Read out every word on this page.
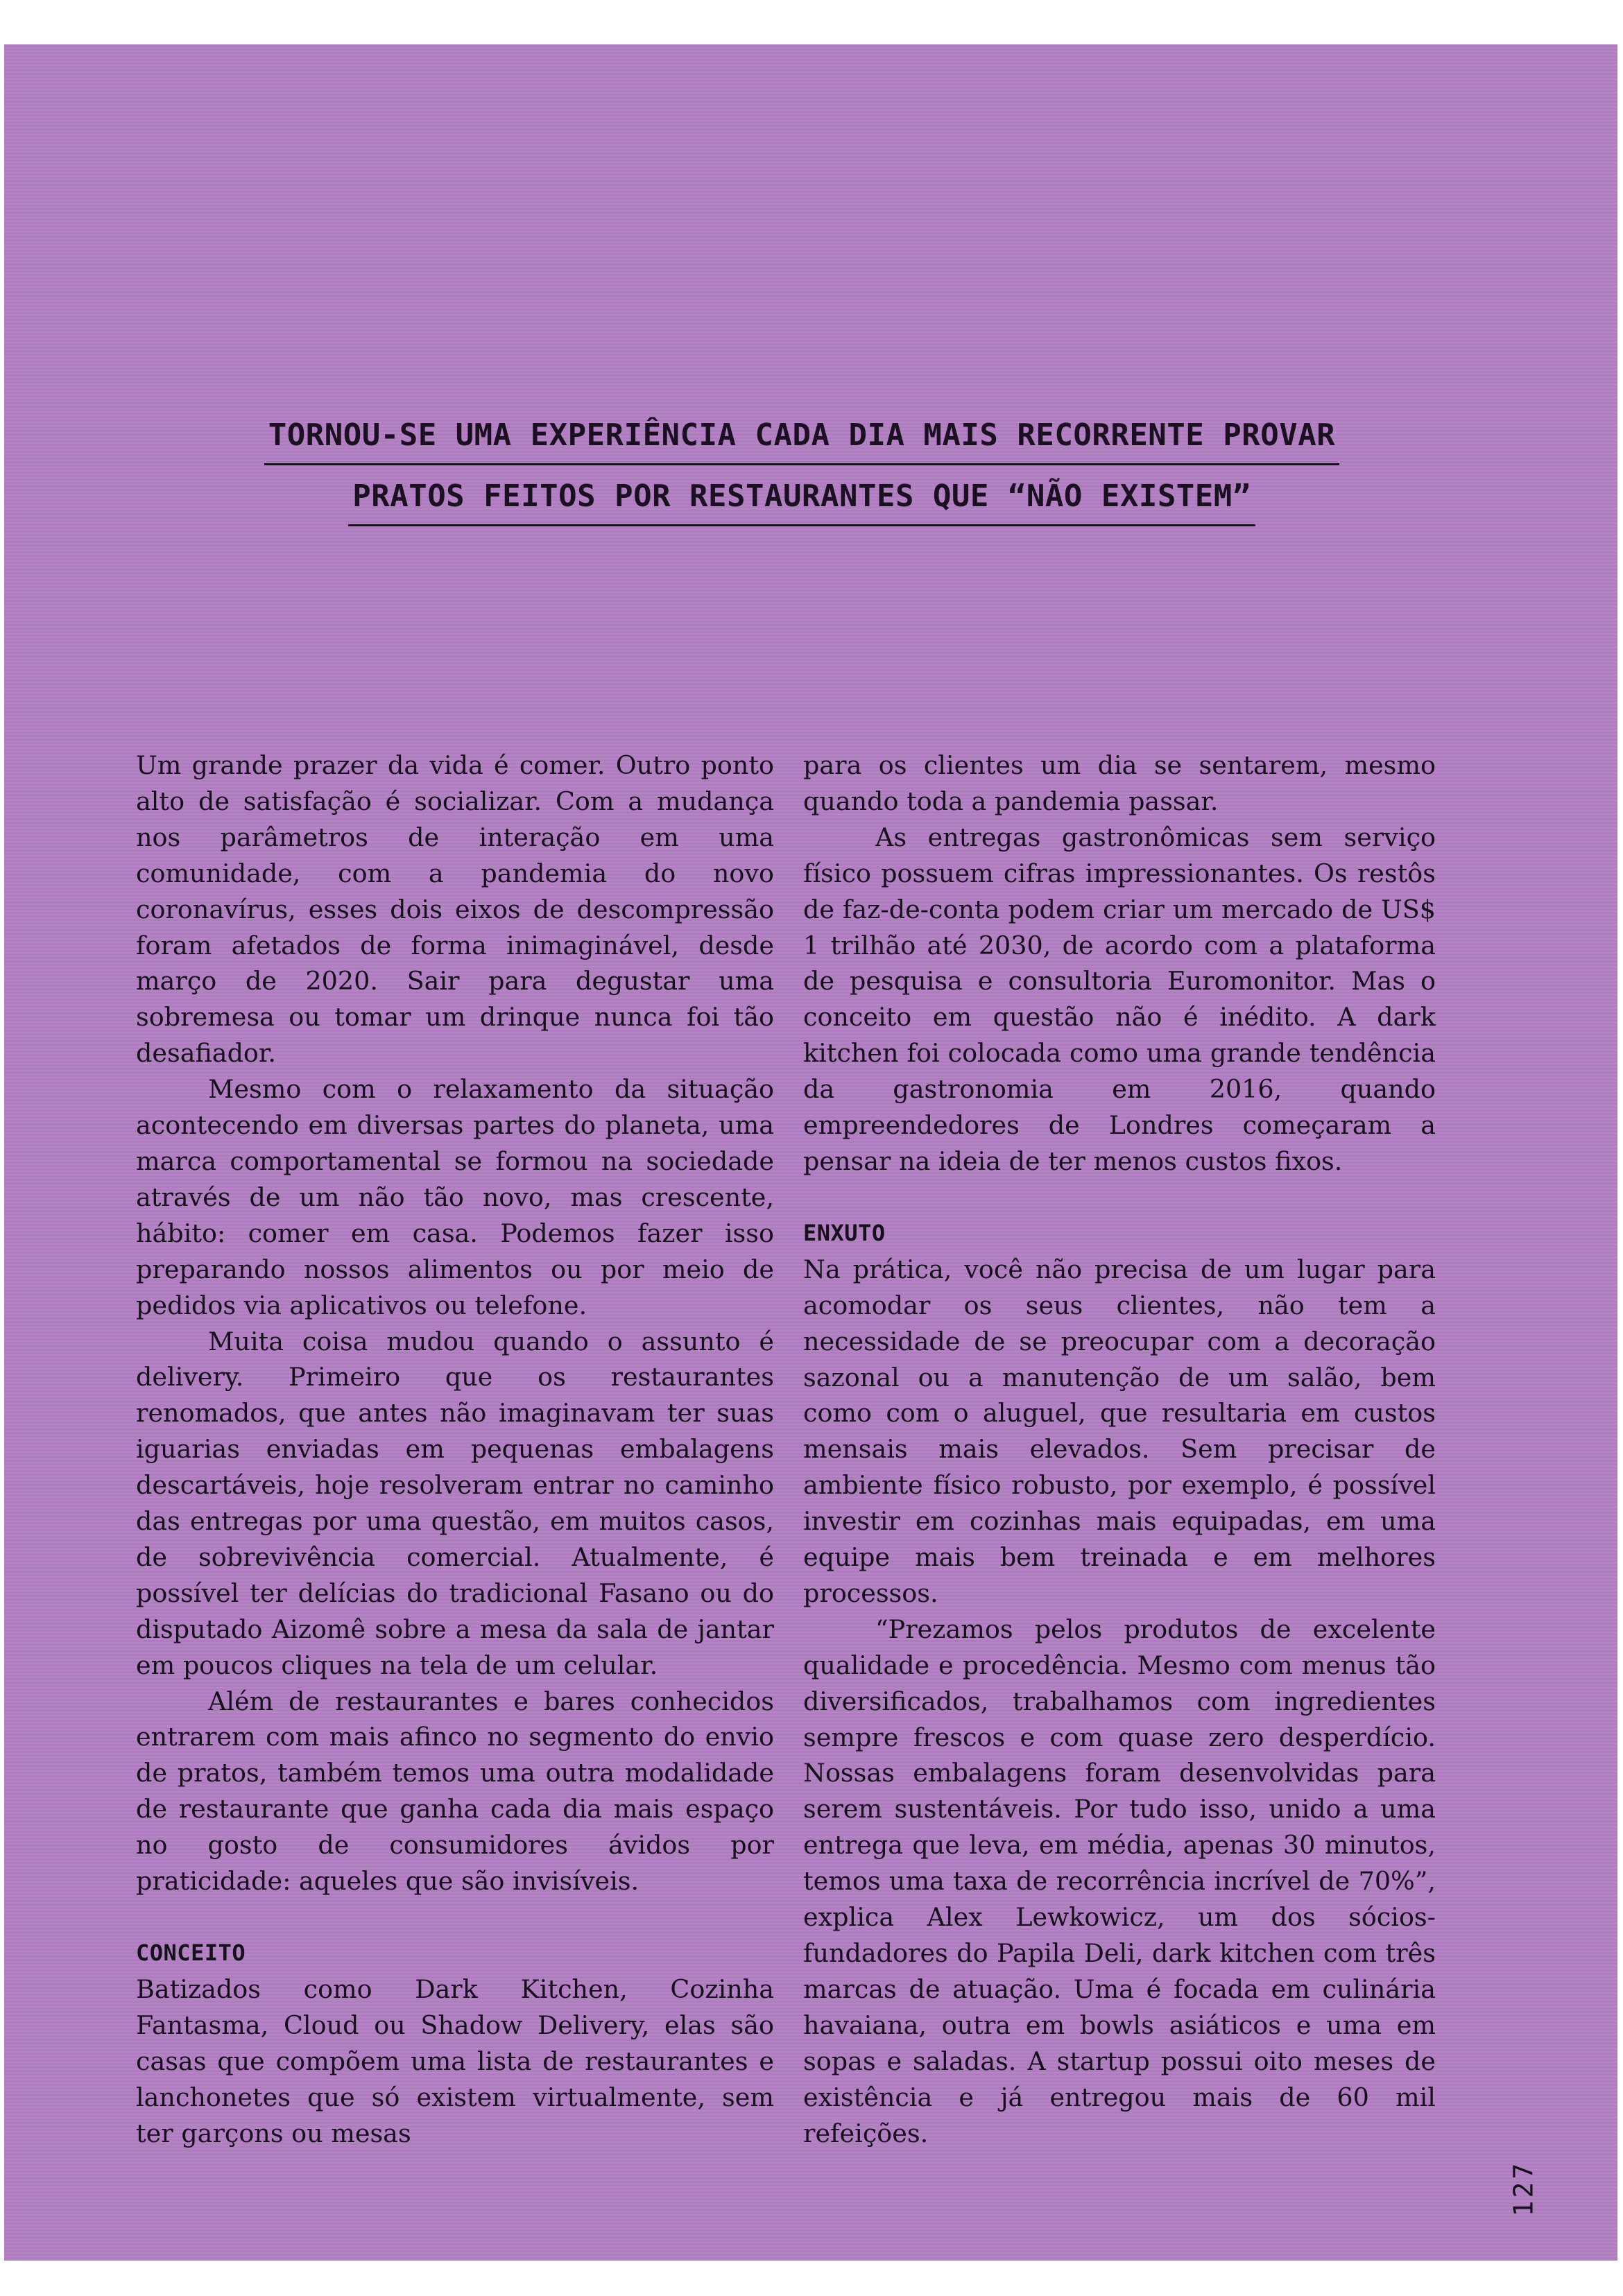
TORNOU-SE UMA EXPERIÊNCIA CADA DIA MAIS RECORRENTE PROVAR
PRATOS FEITOS POR RESTAURANTES QUE “NÃO EXISTEM”

Um grande prazer da vida é comer. Outro ponto alto de satisfação é socializar. Com a mudança nos parâmetros de interação em uma comunidade, com a pandemia do novo coronavírus, esses dois eixos de descompressão foram afetados de forma inimaginável, desde março de 2020. Sair para degustar uma sobremesa ou tomar um drinque nunca foi tão desafiador.

Mesmo com o relaxamento da situação acontecendo em diversas partes do planeta, uma marca comportamental se formou na sociedade através de um não tão novo, mas crescente, hábito: comer em casa. Podemos fazer isso preparando nossos alimentos ou por meio de pedidos via aplicativos ou telefone.

Muita coisa mudou quando o assunto é delivery. Primeiro que os restaurantes renomados, que antes não imaginavam ter suas iguarias enviadas em pequenas embalagens descartáveis, hoje resolveram entrar no caminho das entregas por uma questão, em muitos casos, de sobrevivência comercial. Atualmente, é possível ter delícias do tradicional Fasano ou do disputado Aizomê sobre a mesa da sala de jantar em poucos cliques na tela de um celular.

Além de restaurantes e bares conhecidos entrarem com mais afinco no segmento do envio de pratos, também temos uma outra modalidade de restaurante que ganha cada dia mais espaço no gosto de consumidores ávidos por praticidade: aqueles que são invisíveis.

CONCEITO

Batizados como Dark Kitchen, Cozinha Fantasma, Cloud ou Shadow Delivery, elas são casas que compõem uma lista de restaurantes e lanchonetes que só existem virtualmente, sem ter garçons ou mesas

para os clientes um dia se sentarem, mesmo quando toda a pandemia passar.

As entregas gastronômicas sem serviço físico possuem cifras impressionantes. Os restôs de faz-de-conta podem criar um mercado de US$ 1 trilhão até 2030, de acordo com a plataforma de pesquisa e consultoria Euromonitor. Mas o conceito em questão não é inédito. A dark kitchen foi colocada como uma grande tendência da gastronomia em 2016, quando empreendedores de Londres começaram a pensar na ideia de ter menos custos fixos.

ENXUTO

Na prática, você não precisa de um lugar para acomodar os seus clientes, não tem a necessidade de se preocupar com a decoração sazonal ou a manutenção de um salão, bem como com o aluguel, que resultaria em custos mensais mais elevados. Sem precisar de ambiente físico robusto, por exemplo, é possível investir em cozinhas mais equipadas, em uma equipe mais bem treinada e em melhores processos.

“Prezamos pelos produtos de excelente qualidade e procedência. Mesmo com menus tão diversificados, trabalhamos com ingredientes sempre frescos e com quase zero desperdício. Nossas embalagens foram desenvolvidas para serem sustentáveis. Por tudo isso, unido a uma entrega que leva, em média, apenas 30 minutos, temos uma taxa de recorrência incrível de 70%”, explica Alex Lewkowicz, um dos sócios-fundadores do Papila Deli, dark kitchen com três marcas de atuação. Uma é focada em culinária havaiana, outra em bowls asiáticos e uma em sopas e saladas. A startup possui oito meses de existência e já entregou mais de 60 mil refeições.

127
